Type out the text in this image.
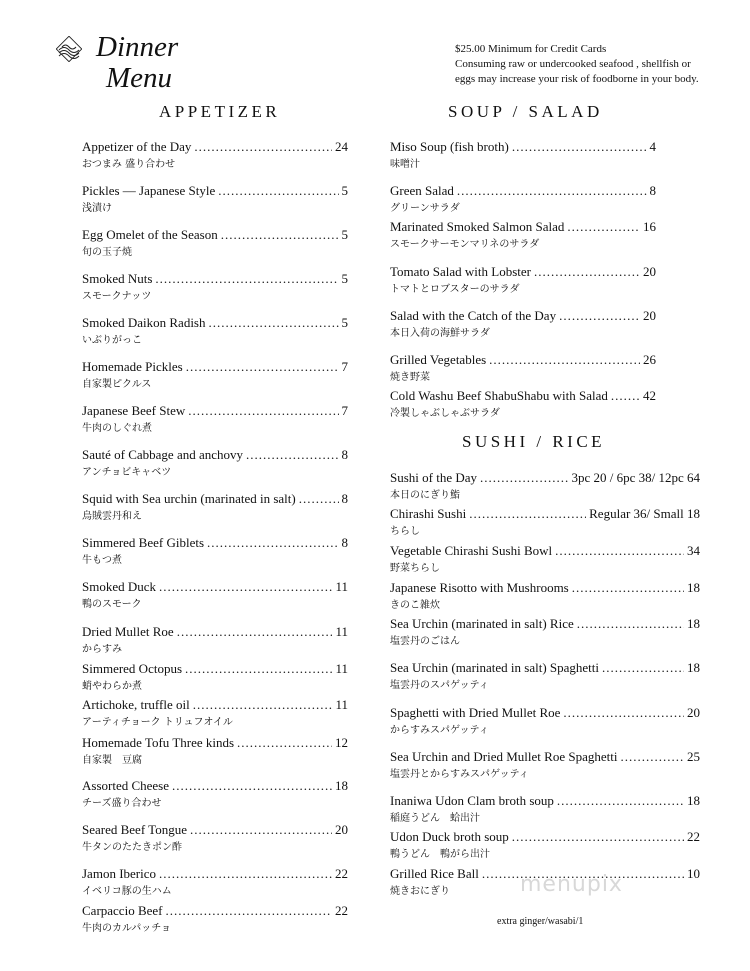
Dinner
Menu
$25.00 Minimum for Credit Cards
Consuming raw or undercooked seafood , shellfish or
eggs may increase your risk of foodborne in your body.
APPETIZER	SOUP / SALAD
SUSHI / RICE
Appetizer of the Day .....	24
おつまみ 盛り合わせ
Pickles — Japanese Style .....	5
浅漬け
Egg Omelet of the Season .....	5
旬の玉子焼
Smoked Nuts .....	5
スモークナッツ
Smoked Daikon Radish .....	5
いぶりがっこ
Homemade Pickles .....	7
自家製ピクルス
Japanese Beef Stew .....	7
牛肉のしぐれ煮
Sauté of Cabbage and anchovy .....	8
アンチョビキャベツ
Squid with Sea urchin (marinated in salt) .....	8
烏賊雲丹和え
Simmered Beef Giblets .....	8
牛もつ煮
Smoked Duck .....	11
鴨のスモーク
Dried Mullet Roe .....	11
からすみ
Simmered Octopus .....	11
蛸やわらか煮
Artichoke, truffle oil .....	11
アーティチョーク トリュフオイル
Homemade Tofu Three kinds .....	12
自家製　豆腐
Assorted Cheese .....	18
チーズ盛り合わせ
Seared Beef Tongue .....	20
牛タンのたたきポン酢
Jamon Iberico .....	22
イベリコ豚の生ハム
Carpaccio Beef .....	22
牛肉のカルパッチョ
Miso Soup (fish broth) .....	4
味噌汁
Green Salad .....	8
グリーンサラダ
Marinated Smoked Salmon Salad .....	16
スモークサーモンマリネのサラダ
Tomato Salad with Lobster .....	20
トマトとロブスターのサラダ
Salad with the Catch of the Day .....	20
本日入荷の海鮮サラダ
Grilled Vegetables .....	26
焼き野菜
Cold Washu Beef ShabuShabu with Salad .....	42
冷製しゃぶしゃぶサラダ
Sushi of the Day .....	3pc 20 / 6pc 38/ 12pc 64
本日のにぎり鮨
Chirashi Sushi .....	Regular 36/ Small 18
ちらし
Vegetable Chirashi Sushi Bowl .....	34
野菜ちらし
Japanese Risotto with Mushrooms .....	18
きのこ雑炊
Sea Urchin (marinated in salt) Rice .....	18
塩雲丹のごはん
Sea Urchin (marinated in salt) Spaghetti .....	18
塩雲丹のスパゲッティ
Spaghetti with Dried Mullet Roe .....	20
からすみスパゲッティ
Sea Urchin and Dried Mullet Roe Spaghetti .....	25
塩雲丹とからすみスパゲッティ
Inaniwa Udon Clam broth soup .....	18
稲庭うどん　蛤出汁
Udon Duck broth soup .....	22
鴨うどん　鴨がら出汁
Grilled Rice Ball .....	10
焼きおにぎり
extra ginger/wasabi/1
menupix
